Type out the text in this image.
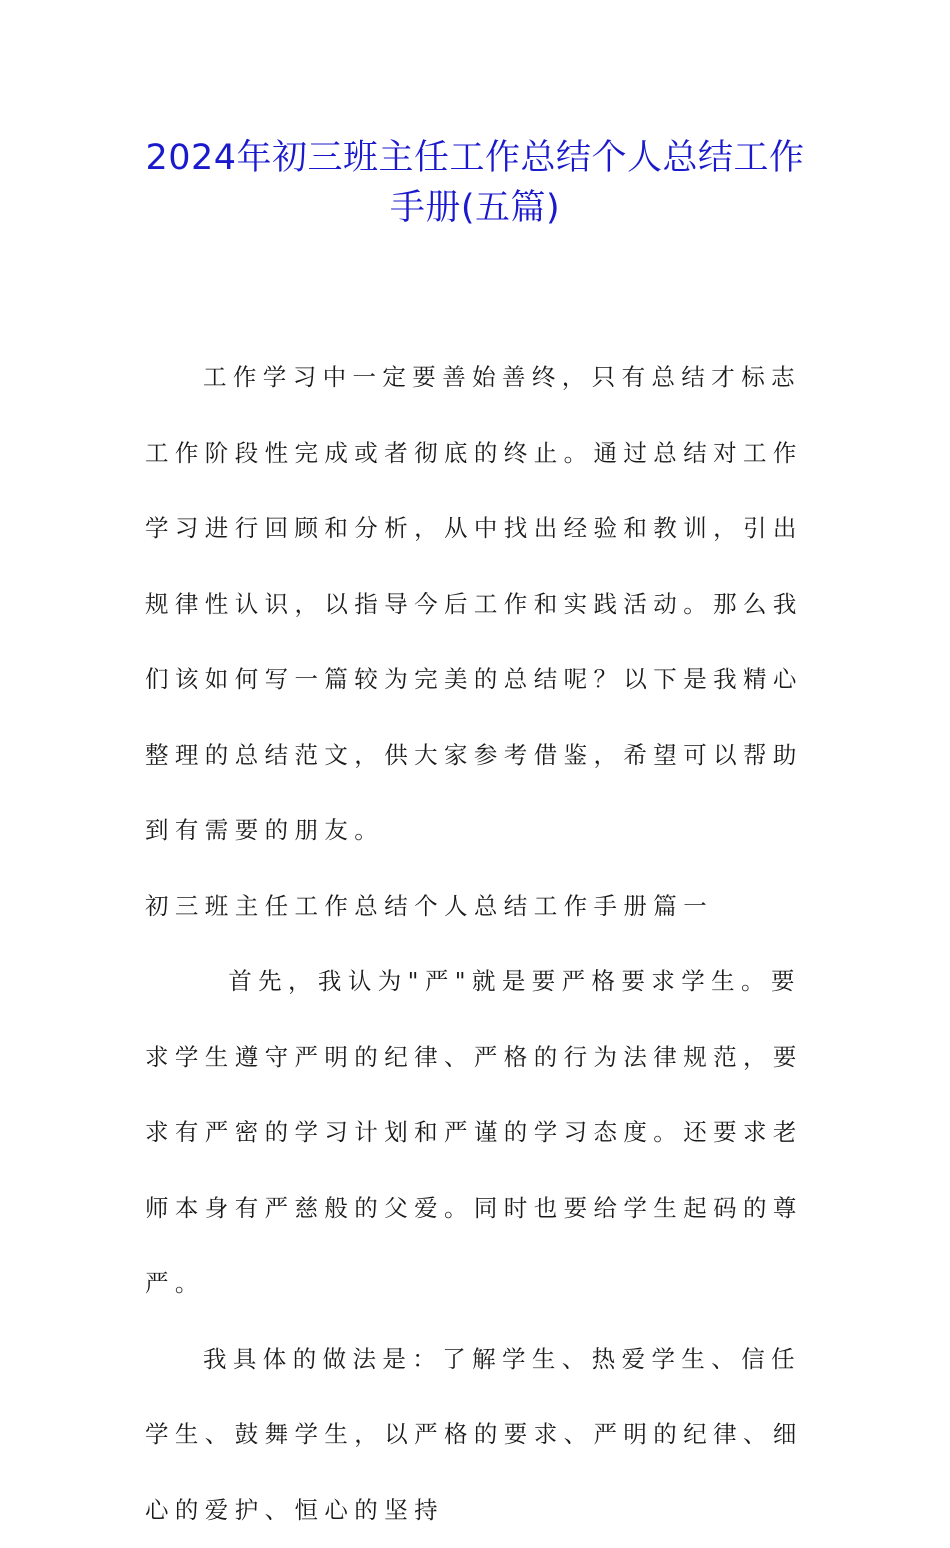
2024年初三班主任工作总结个人总结工作
手册(五篇)

工作学习中一定要善始善终，只有总结才标志工作阶段性完成或者彻底的终止。通过总结对工作学习进行回顾和分析，从中找出经验和教训，引出规律性认识，以指导今后工作和实践活动。那么我们该如何写一篇较为完美的总结呢？以下是我精心整理的总结范文，供大家参考借鉴，希望可以帮助到有需要的朋友。

初三班主任工作总结个人总结工作手册篇一      首先，我认为"严"就是要严格要求学生。要求学生遵守严明的纪律、严格的行为法律规范，要求有严密的学习计划和严谨的学习态度。还要求老师本身有严慈般的父爱。同时也要给学生起码的尊严。

我具体的做法是：了解学生、热爱学生、信任学生、鼓舞学生，以严格的要求、严明的纪律、细心的爱护、恒心的坚持
